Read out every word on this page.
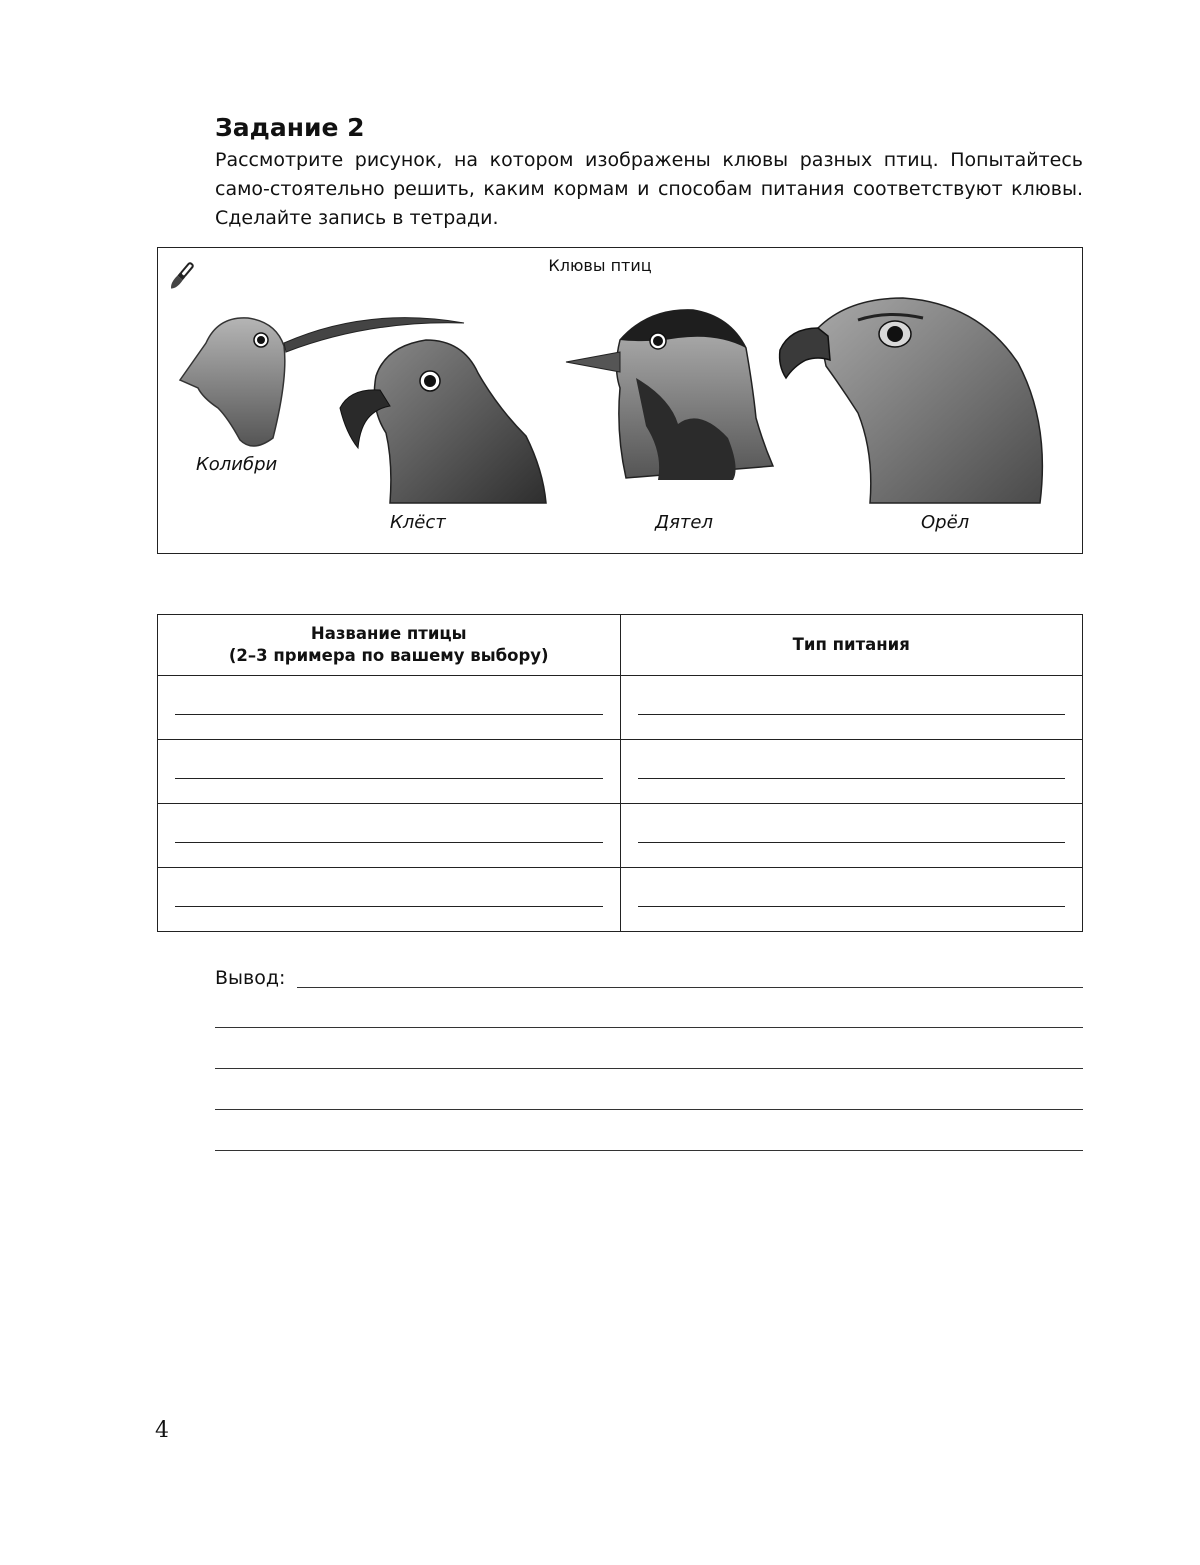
Задание 2

Рассмотрите рисунок, на котором изображены клювы разных птиц. Попытайтесь само-стоятельно решить, каким кормам и способам питания соответствуют клювы. Сделайте запись в тетради.

Клювы птиц
Колибри
Клёст	Дятел	Орёл
Название птицы
(2–3 примера по вашему выбору)	Тип питания

Вывод:
4
